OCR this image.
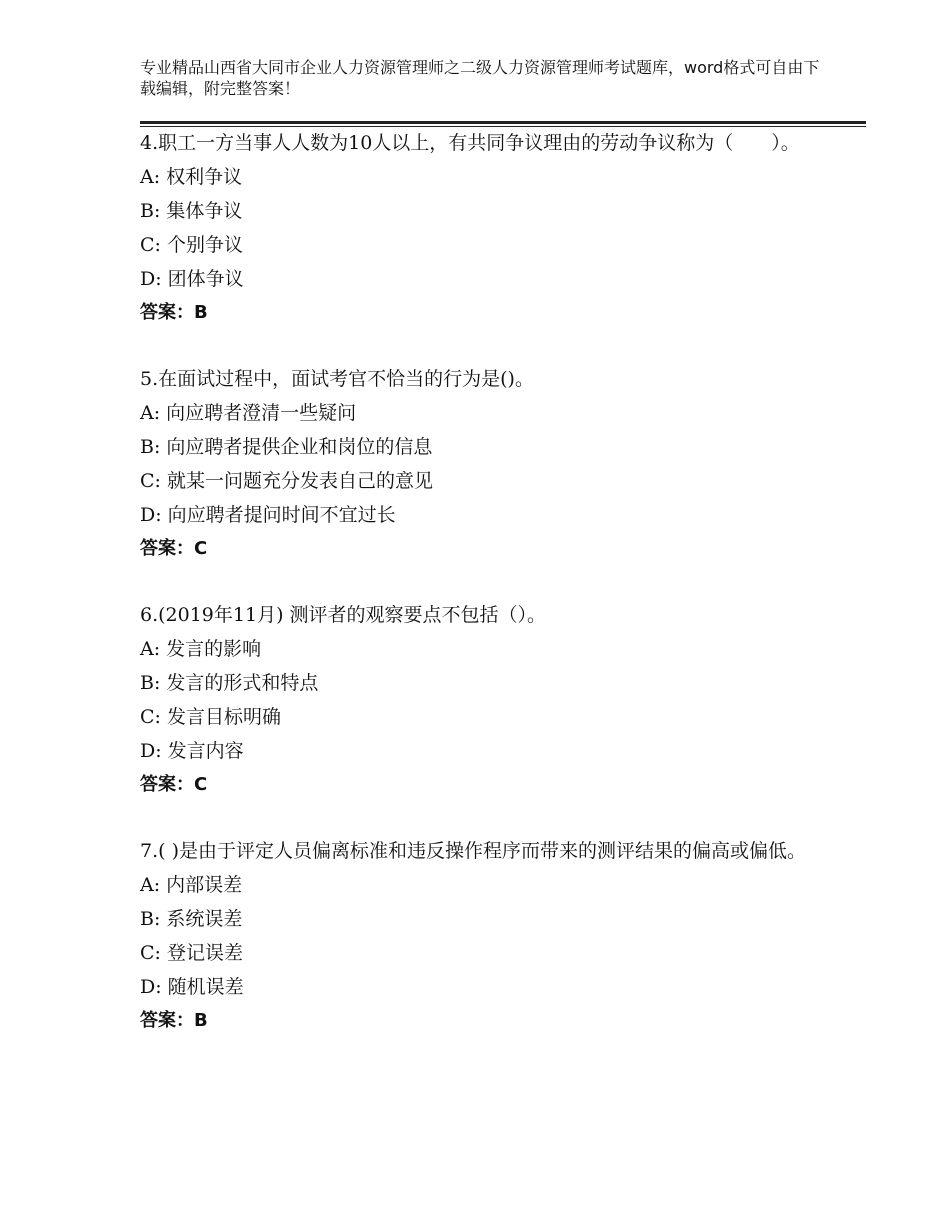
专业精品山西省大同市企业人力资源管理师之二级人力资源管理师考试题库，word格式可自由下载编辑，附完整答案！
4.职工一方当事人人数为10人以上，有共同争议理由的劳动争议称为（　　）。
A: 权利争议
B: 集体争议
C: 个别争议
D: 团体争议
答案：B
5.在面试过程中，面试考官不恰当的行为是()。
A: 向应聘者澄清一些疑问
B: 向应聘者提供企业和岗位的信息
C: 就某一问题充分发表自己的意见
D: 向应聘者提问时间不宜过长
答案：C
6.(2019年11月) 测评者的观察要点不包括（）。
A: 发言的影响
B: 发言的形式和特点
C: 发言目标明确
D: 发言内容
答案：C
7.( )是由于评定人员偏离标准和违反操作程序而带来的测评结果的偏高或偏低。
A: 内部误差
B: 系统误差
C: 登记误差
D: 随机误差
答案：B
